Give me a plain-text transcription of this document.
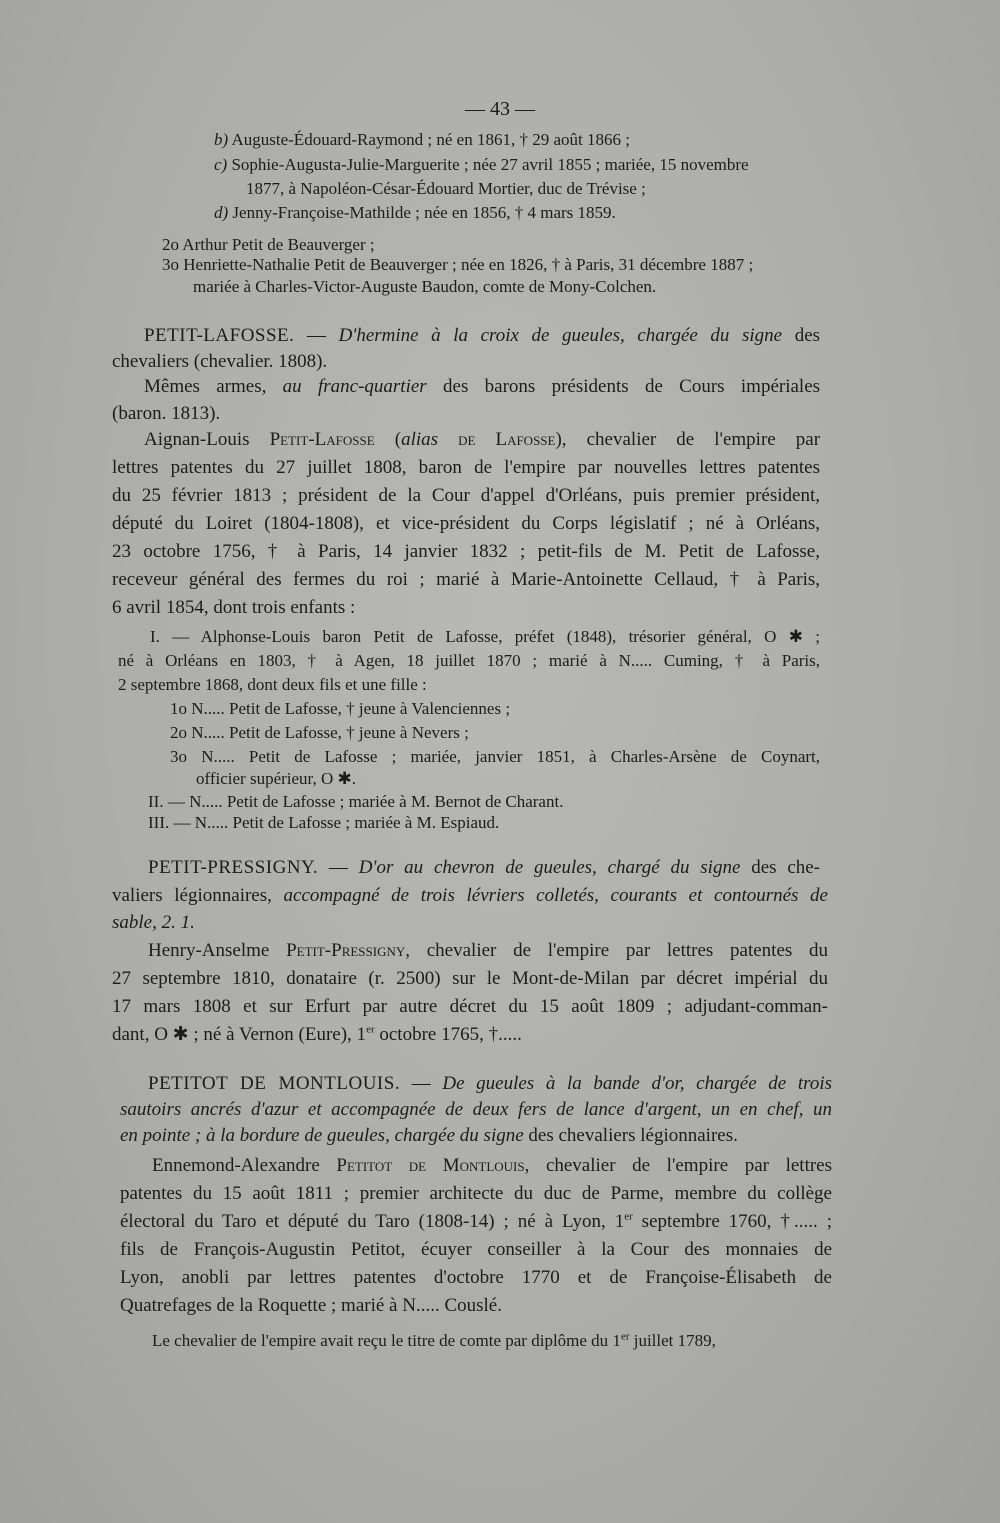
— 43 —
b) Auguste-Édouard-Raymond ; né en 1861, † 29 août 1866 ;
c) Sophie-Augusta-Julie-Marguerite ; née 27 avril 1855 ; mariée, 15 novembre
1877, à Napoléon-César-Édouard Mortier, duc de Trévise ;
d) Jenny-Françoise-Mathilde ; née en 1856, † 4 mars 1859.
2o Arthur Petit de Beauverger ;
3o Henriette-Nathalie Petit de Beauverger ; née en 1826, † à Paris, 31 décembre 1887 ;
mariée à Charles-Victor-Auguste Baudon, comte de Mony-Colchen.
PETIT-LAFOSSE. — D'hermine à la croix de gueules, chargée du signe des
chevaliers (chevalier. 1808).
Mêmes armes, au franc-quartier des barons présidents de Cours impériales
(baron. 1813).
Aignan-Louis Petit-Lafosse (alias de Lafosse), chevalier de l'empire par
lettres patentes du 27 juillet 1808, baron de l'empire par nouvelles lettres patentes
du 25 février 1813 ; président de la Cour d'appel d'Orléans, puis premier président,
député du Loiret (1804-1808), et vice-président du Corps législatif ; né à Orléans,
23 octobre 1756, † à Paris, 14 janvier 1832 ; petit-fils de M. Petit de Lafosse,
receveur général des fermes du roi ; marié à Marie-Antoinette Cellaud, † à Paris,
6 avril 1854, dont trois enfants :
I. — Alphonse-Louis baron Petit de Lafosse, préfet (1848), trésorier général, O ✱ ;
né à Orléans en 1803, † à Agen, 18 juillet 1870 ; marié à N..... Cuming, † à Paris,
2 septembre 1868, dont deux fils et une fille :
1o N..... Petit de Lafosse, † jeune à Valenciennes ;
2o N..... Petit de Lafosse, † jeune à Nevers ;
3o N..... Petit de Lafosse ; mariée, janvier 1851, à Charles-Arsène de Coynart,
officier supérieur, O ✱.
II. — N..... Petit de Lafosse ; mariée à M. Bernot de Charant.
III. — N..... Petit de Lafosse ; mariée à M. Espiaud.
PETIT-PRESSIGNY. — D'or au chevron de gueules, chargé du signe des che-
valiers légionnaires, accompagné de trois lévriers colletés, courants et contournés de
sable, 2. 1.
Henry-Anselme Petit-Pressigny, chevalier de l'empire par lettres patentes du
27 septembre 1810, donataire (r. 2500) sur le Mont-de-Milan par décret impérial du
17 mars 1808 et sur Erfurt par autre décret du 15 août 1809 ; adjudant-comman-
dant, O ✱ ; né à Vernon (Eure), 1er octobre 1765, †.....
PETITOT DE MONTLOUIS. — De gueules à la bande d'or, chargée de trois
sautoirs ancrés d'azur et accompagnée de deux fers de lance d'argent, un en chef, un
en pointe ; à la bordure de gueules, chargée du signe des chevaliers légionnaires.
Ennemond-Alexandre Petitot de Montlouis, chevalier de l'empire par lettres
patentes du 15 août 1811 ; premier architecte du duc de Parme, membre du collège
électoral du Taro et député du Taro (1808-14) ; né à Lyon, 1er septembre 1760, †..... ;
fils de François-Augustin Petitot, écuyer conseiller à la Cour des monnaies de
Lyon, anobli par lettres patentes d'octobre 1770 et de Françoise-Élisabeth de
Quatrefages de la Roquette ; marié à N..... Couslé.
Le chevalier de l'empire avait reçu le titre de comte par diplôme du 1er juillet 1789,
